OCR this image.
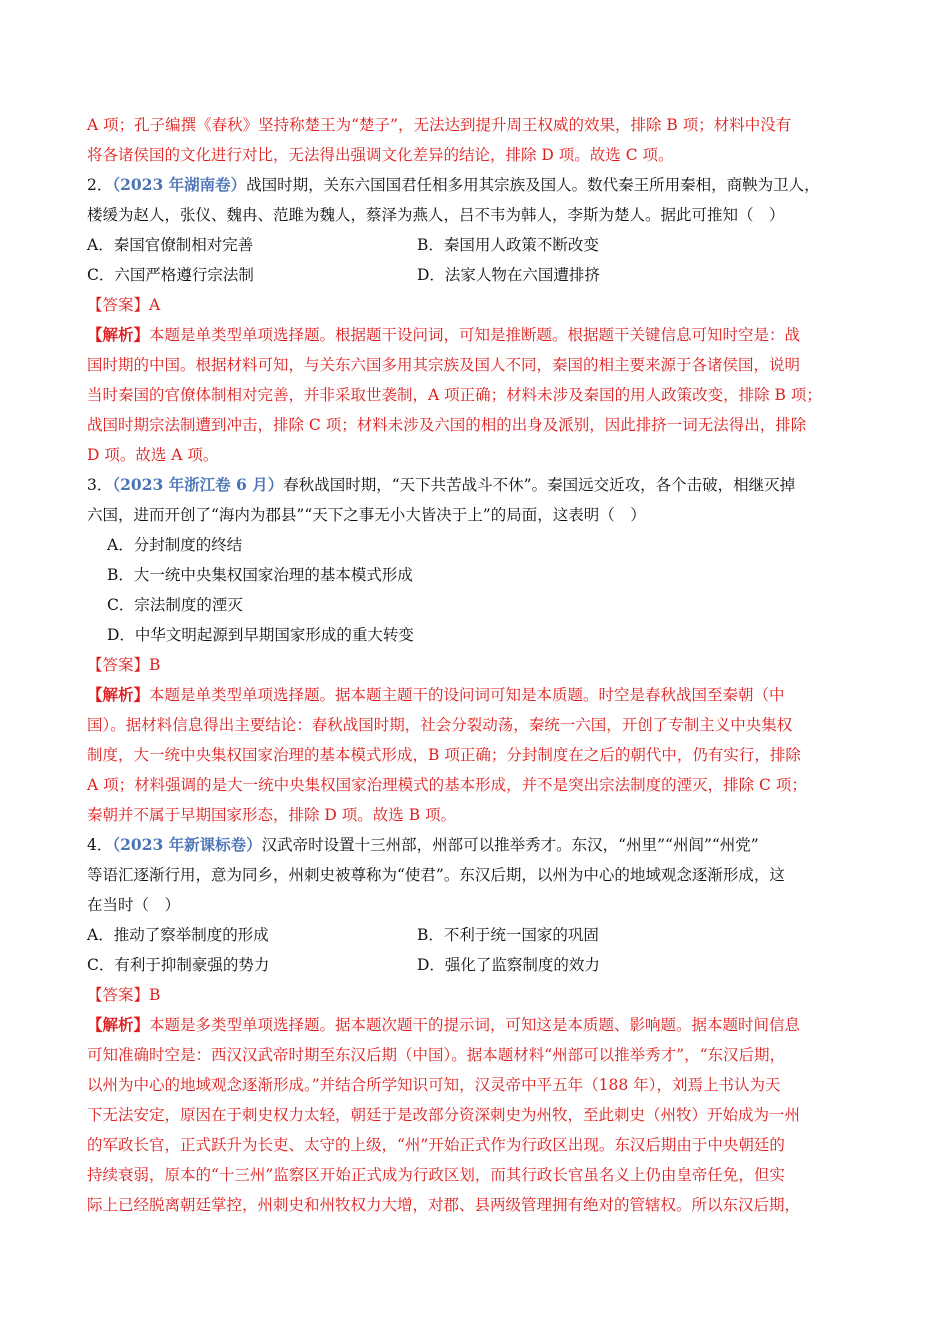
A 项；孔子编撰《春秋》坚持称楚王为“楚子”，无法达到提升周王权威的效果，排除 B 项；材料中没有
将各诸侯国的文化进行对比，无法得出强调文化差异的结论，排除 D 项。故选 C 项。
2．（2023 年湖南卷）战国时期，关东六国国君任相多用其宗族及国人。数代秦王所用秦相，商鞅为卫人，
楼缓为赵人，张仪、魏冉、范雎为魏人，蔡泽为燕人，吕不韦为韩人，李斯为楚人。据此可推知（　）
A．秦国官僚制相对完善	B．秦国用人政策不断改变
C．六国严格遵行宗法制	D．法家人物在六国遭排挤
【答案】A
【解析】本题是单类型单项选择题。根据题干设问词，可知是推断题。根据题干关键信息可知时空是：战
国时期的中国。根据材料可知，与关东六国多用其宗族及国人不同，秦国的相主要来源于各诸侯国，说明
当时秦国的官僚体制相对完善，并非采取世袭制，A 项正确；材料未涉及秦国的用人政策改变，排除 B 项；
战国时期宗法制遭到冲击，排除 C 项；材料未涉及六国的相的出身及派别，因此排挤一词无法得出，排除
D 项。故选 A 项。
3．（2023 年浙江卷 6 月）春秋战国时期，“天下共苦战斗不休”。秦国远交近攻，各个击破，相继灭掉
六国，进而开创了“海内为郡县”“天下之事无小大皆决于上”的局面，这表明（　）
A．分封制度的终结
B．大一统中央集权国家治理的基本模式形成
C．宗法制度的湮灭
D．中华文明起源到早期国家形成的重大转变
【答案】B
【解析】本题是单类型单项选择题。据本题主题干的设问词可知是本质题。时空是春秋战国至秦朝（中
国）。据材料信息得出主要结论：春秋战国时期，社会分裂动荡，秦统一六国，开创了专制主义中央集权
制度，大一统中央集权国家治理的基本模式形成，B 项正确；分封制度在之后的朝代中，仍有实行，排除
A 项；材料强调的是大一统中央集权国家治理模式的基本形成，并不是突出宗法制度的湮灭，排除 C 项；
秦朝并不属于早期国家形态，排除 D 项。故选 B 项。
4．（2023 年新课标卷）汉武帝时设置十三州部，州部可以推举秀才。东汉，“州里”“州闾”“州党”
等语汇逐渐行用，意为同乡，州刺史被尊称为“使君”。东汉后期，以州为中心的地域观念逐渐形成，这
在当时（　）
A．推动了察举制度的形成	B．不利于统一国家的巩固
C．有利于抑制豪强的势力	D．强化了监察制度的效力
【答案】B
【解析】本题是多类型单项选择题。据本题次题干的提示词，可知这是本质题、影响题。据本题时间信息
可知准确时空是：西汉汉武帝时期至东汉后期（中国）。据本题材料“州部可以推举秀才”，“东汉后期，
以州为中心的地域观念逐渐形成。”并结合所学知识可知，汉灵帝中平五年（188 年），刘焉上书认为天
下无法安定，原因在于刺史权力太轻，朝廷于是改部分资深刺史为州牧，至此刺史（州牧）开始成为一州
的军政长官，正式跃升为长吏、太守的上级，“州”开始正式作为行政区出现。东汉后期由于中央朝廷的
持续衰弱，原本的“十三州”监察区开始正式成为行政区划，而其行政长官虽名义上仍由皇帝任免，但实
际上已经脱离朝廷掌控，州刺史和州牧权力大增，对郡、县两级管理拥有绝对的管辖权。所以东汉后期，
